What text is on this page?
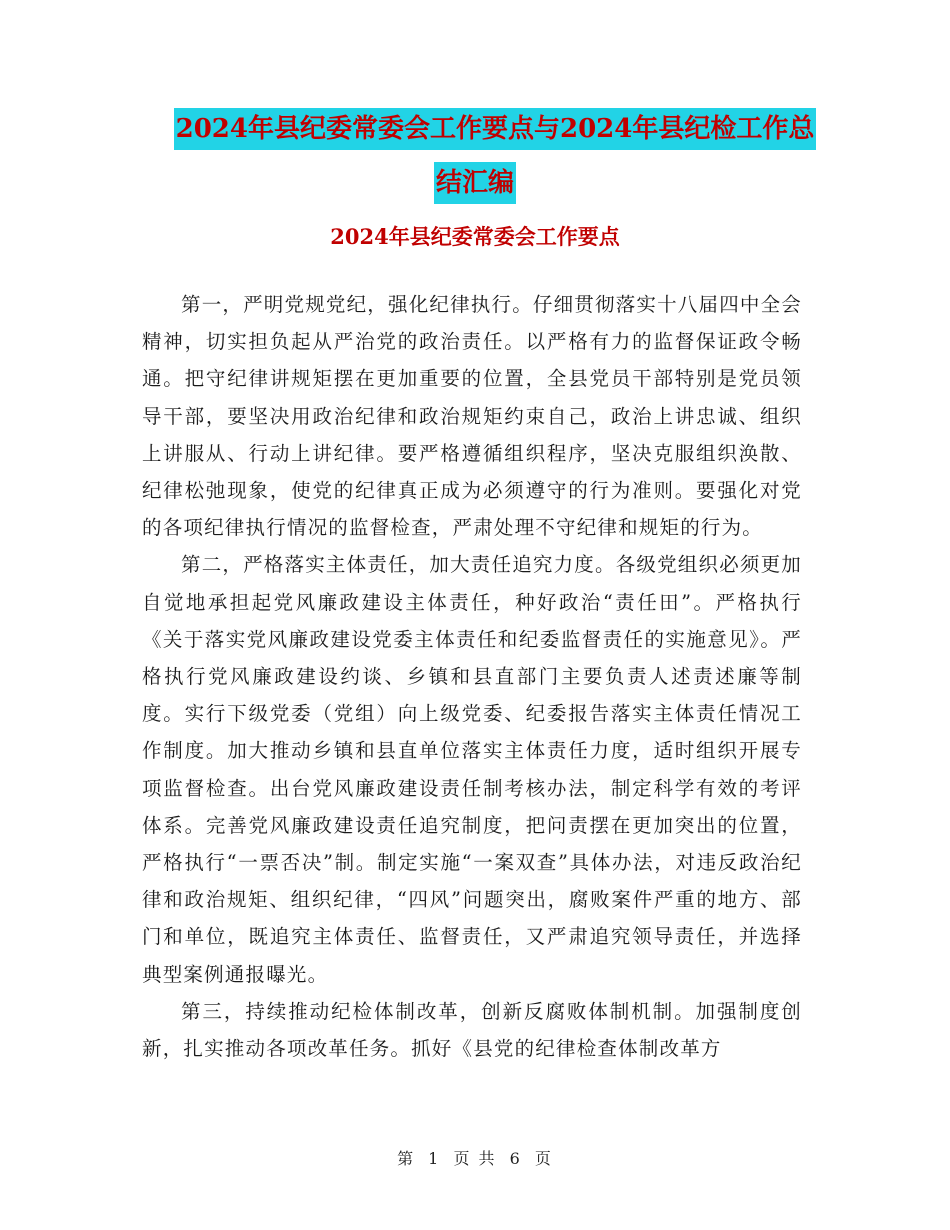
2024年县纪委常委会工作要点与2024年县纪检工作总
结汇编
2024年县纪委常委会工作要点

第一，严明党规党纪，强化纪律执行。仔细贯彻落实十八届四中全会精神，切实担负起从严治党的政治责任。以严格有力的监督保证政令畅通。把守纪律讲规矩摆在更加重要的位置，全县党员干部特别是党员领导干部，要坚决用政治纪律和政治规矩约束自己，政治上讲忠诚、组织上讲服从、行动上讲纪律。要严格遵循组织程序，坚决克服组织涣散、纪律松弛现象，使党的纪律真正成为必须遵守的行为准则。要强化对党的各项纪律执行情况的监督检查，严肃处理不守纪律和规矩的行为。

第二，严格落实主体责任，加大责任追究力度。各级党组织必须更加自觉地承担起党风廉政建设主体责任，种好政治“责任田”。严格执行《关于落实党风廉政建设党委主体责任和纪委监督责任的实施意见》。严格执行党风廉政建设约谈、乡镇和县直部门主要负责人述责述廉等制度。实行下级党委（党组）向上级党委、纪委报告落实主体责任情况工作制度。加大推动乡镇和县直单位落实主体责任力度，适时组织开展专项监督检查。出台党风廉政建设责任制考核办法，制定科学有效的考评体系。完善党风廉政建设责任追究制度，把问责摆在更加突出的位置，严格执行“一票否决”制。制定实施“一案双查”具体办法，对违反政治纪律和政治规矩、组织纪律，“四风”问题突出，腐败案件严重的地方、部门和单位，既追究主体责任、监督责任，又严肃追究领导责任，并选择典型案例通报曝光。

第三，持续推动纪检体制改革，创新反腐败体制机制。加强制度创新，扎实推动各项改革任务。抓好《县党的纪律检查体制改革方

第 1 页 共 6 页
